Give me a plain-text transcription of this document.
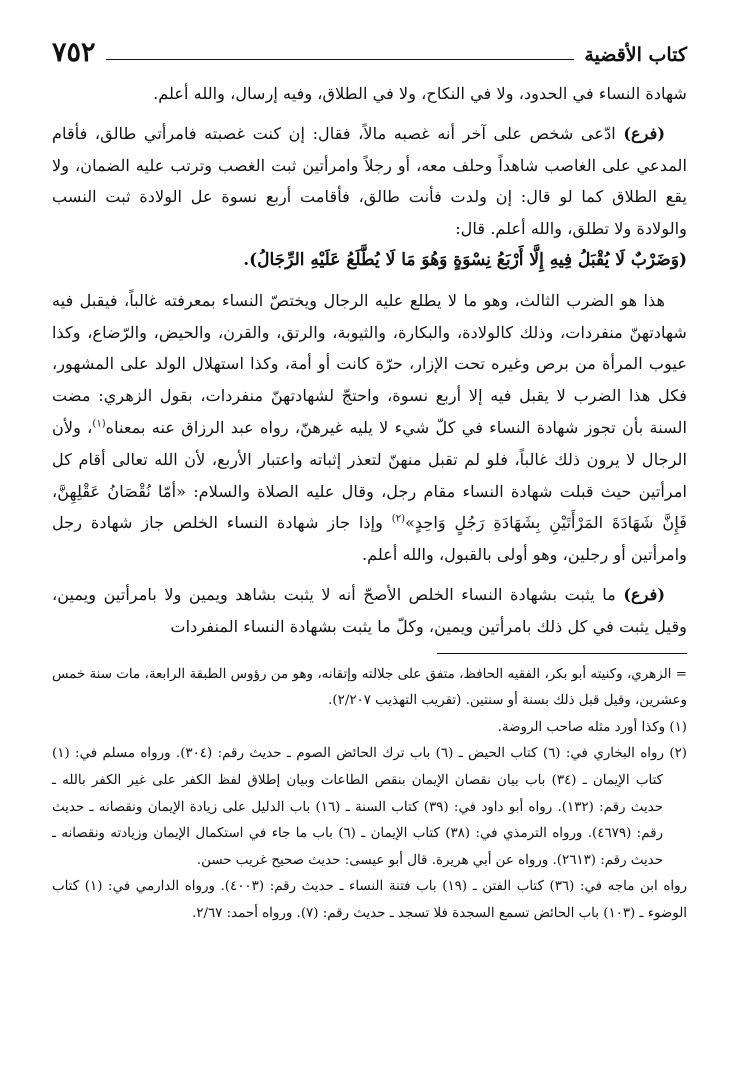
كتاب الأقضية
٧٥٢

شهادة النساء في الحدود، ولا في النكاح، ولا في الطلاق، وفيه إرسال، والله أعلم.

(فرع) ادّعى شخص على آخر أنه غصبه مالاً، فقال: إن كنت غصبته فامرأتي طالق، فأقام المدعي على الغاصب شاهداً وحلف معه، أو رجلاً وامرأتين ثبت الغصب وترتب عليه الضمان، ولا يقع الطلاق كما لو قال: إن ولدت فأنت طالق، فأقامت أربع نسوة عل الولادة ثبت النسب والولادة ولا تطلق، والله أعلم. قال:

(وَضَرْبٌ لَا يُقْبَلُ فِيهِ إِلَّا أَرْبَعُ نِسْوَةٍ وَهُوَ مَا لَا يُطَّلَعُ عَلَيْهِ الرِّجَالُ).

هذا هو الضرب الثالث، وهو ما لا يطلع عليه الرجال ويختصّ النساء بمعرفته غالباً، فيقبل فيه شهادتهنّ منفردات، وذلك كالولادة، والبكارة، والثيوبة، والرتق، والقرن، والحيض، والرّضاع، وكذا عيوب المرأة من برص وغيره تحت الإزار، حرّة كانت أو أمة، وكذا استهلال الولد على المشهور، فكل هذا الضرب لا يقبل فيه إلا أربع نسوة، واحتجّ لشهادتهنّ منفردات، بقول الزهري: مضت السنة بأن تجوز شهادة النساء في كلّ شيء لا يليه غيرهنّ، رواه عبد الرزاق عنه بمعناه$^{(١)}$، ولأن الرجال لا يرون ذلك غالباً، فلو لم تقبل منهنّ لتعذر إثباته واعتبار الأربع، لأن الله تعالى أقام كل امرأتين حيث قبلت شهادة النساء مقام رجل، وقال عليه الصلاة والسلام: «أمّا نُقْصَانُ عَقْلِهِنَّ، فَإِنَّ شَهَادَةَ المَرْأَتَيْنِ بِشَهَادَةِ رَجُلٍ وَاحِدٍ»$^{(٢)}$ وإذا جاز شهادة النساء الخلص جاز شهادة رجل وامرأتين أو رجلين، وهو أولى بالقبول، والله أعلم.

(فرع) ما يثبت بشهادة النساء الخلص الأصحّ أنه لا يثبت بشاهد ويمين ولا بامرأتين ويمين، وقيل يثبت في كل ذلك بامرأتين ويمين، وكلّ ما يثبت بشهادة النساء المنفردات

= الزهري، وكنيته أبو بكر، الفقيه الحافظ، متفق على جلالته وإتقانه، وهو من رؤوس الطبقة الرابعة، مات سنة خمس وعشرين، وقيل قبل ذلك بسنة أو سنتين. (تقريب التهذيب ٢/٢٠٧).

(١) وكذا أورد مثله صاحب الروضة.

(٢) رواه البخاري في: (٦) كتاب الحيض ـ (٦) باب ترك الحائض الصوم ـ حديث رقم: (٣٠٤). ورواه مسلم في: (١) كتاب الإيمان ـ (٣٤) باب بيان نقصان الإيمان بنقص الطاعات وبيان إطلاق لفظ الكفر على غير الكفر بالله ـ حديث رقم: (١٣٢). رواه أبو داود في: (٣٩) كتاب السنة ـ (١٦) باب الدليل على زيادة الإيمان ونقصانه ـ حديث رقم: (٤٦٧٩). ورواه الترمذي في: (٣٨) كتاب الإيمان ـ (٦) باب ما جاء في استكمال الإيمان وزيادته ونقصانه ـ حديث رقم: (٢٦١٣). ورواه عن أبي هريرة. قال أبو عيسى: حديث صحيح غريب حسن.

رواه ابن ماجه في: (٣٦) كتاب الفتن ـ (١٩) باب فتنة النساء ـ حديث رقم: (٤٠٠٣). ورواه الدارمي في: (١) كتاب الوضوء ـ (١٠٣) باب الحائض تسمع السجدة فلا تسجد ـ حديث رقم: (٧). ورواه أحمد: ٢/٦٧.
